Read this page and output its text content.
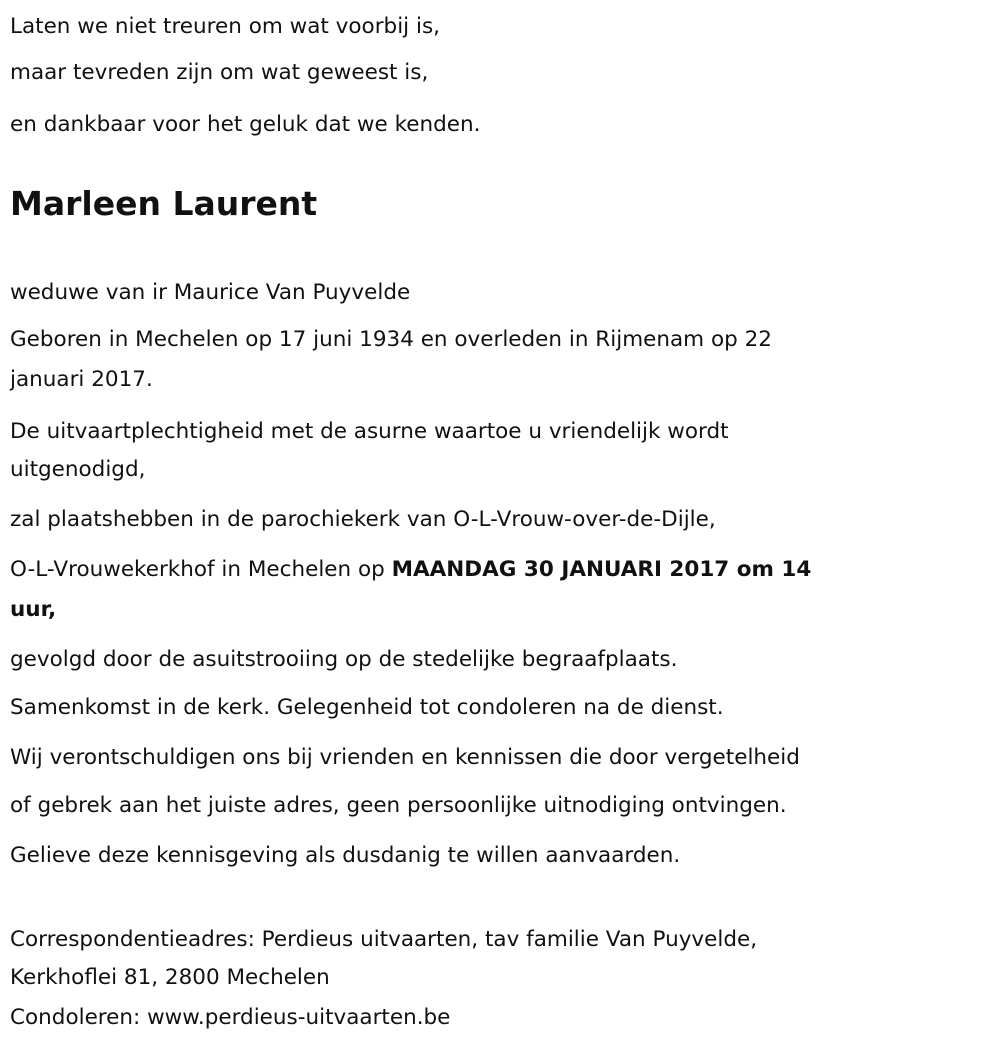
Laten we niet treuren om wat voorbij is,
maar tevreden zijn om wat geweest is,
en dankbaar voor het geluk dat we kenden.
Marleen Laurent
weduwe van ir Maurice Van Puyvelde
Geboren in Mechelen op 17 juni 1934 en overleden in Rijmenam op 22
januari 2017.
De uitvaartplechtigheid met de asurne waartoe u vriendelijk wordt
uitgenodigd,
zal plaatshebben in de parochiekerk van O-L-Vrouw-over-de-Dijle,
O-L-Vrouwekerkhof in Mechelen op MAANDAG 30 JANUARI 2017 om 14
uur,
gevolgd door de asuitstrooiing op de stedelijke begraafplaats.
Samenkomst in de kerk. Gelegenheid tot condoleren na de dienst.
Wij verontschuldigen ons bij vrienden en kennissen die door vergetelheid
of gebrek aan het juiste adres, geen persoonlijke uitnodiging ontvingen.
Gelieve deze kennisgeving als dusdanig te willen aanvaarden.
Correspondentieadres: Perdieus uitvaarten, tav familie Van Puyvelde,
Kerkhoflei 81, 2800 Mechelen
Condoleren: www.perdieus-uitvaarten.be
